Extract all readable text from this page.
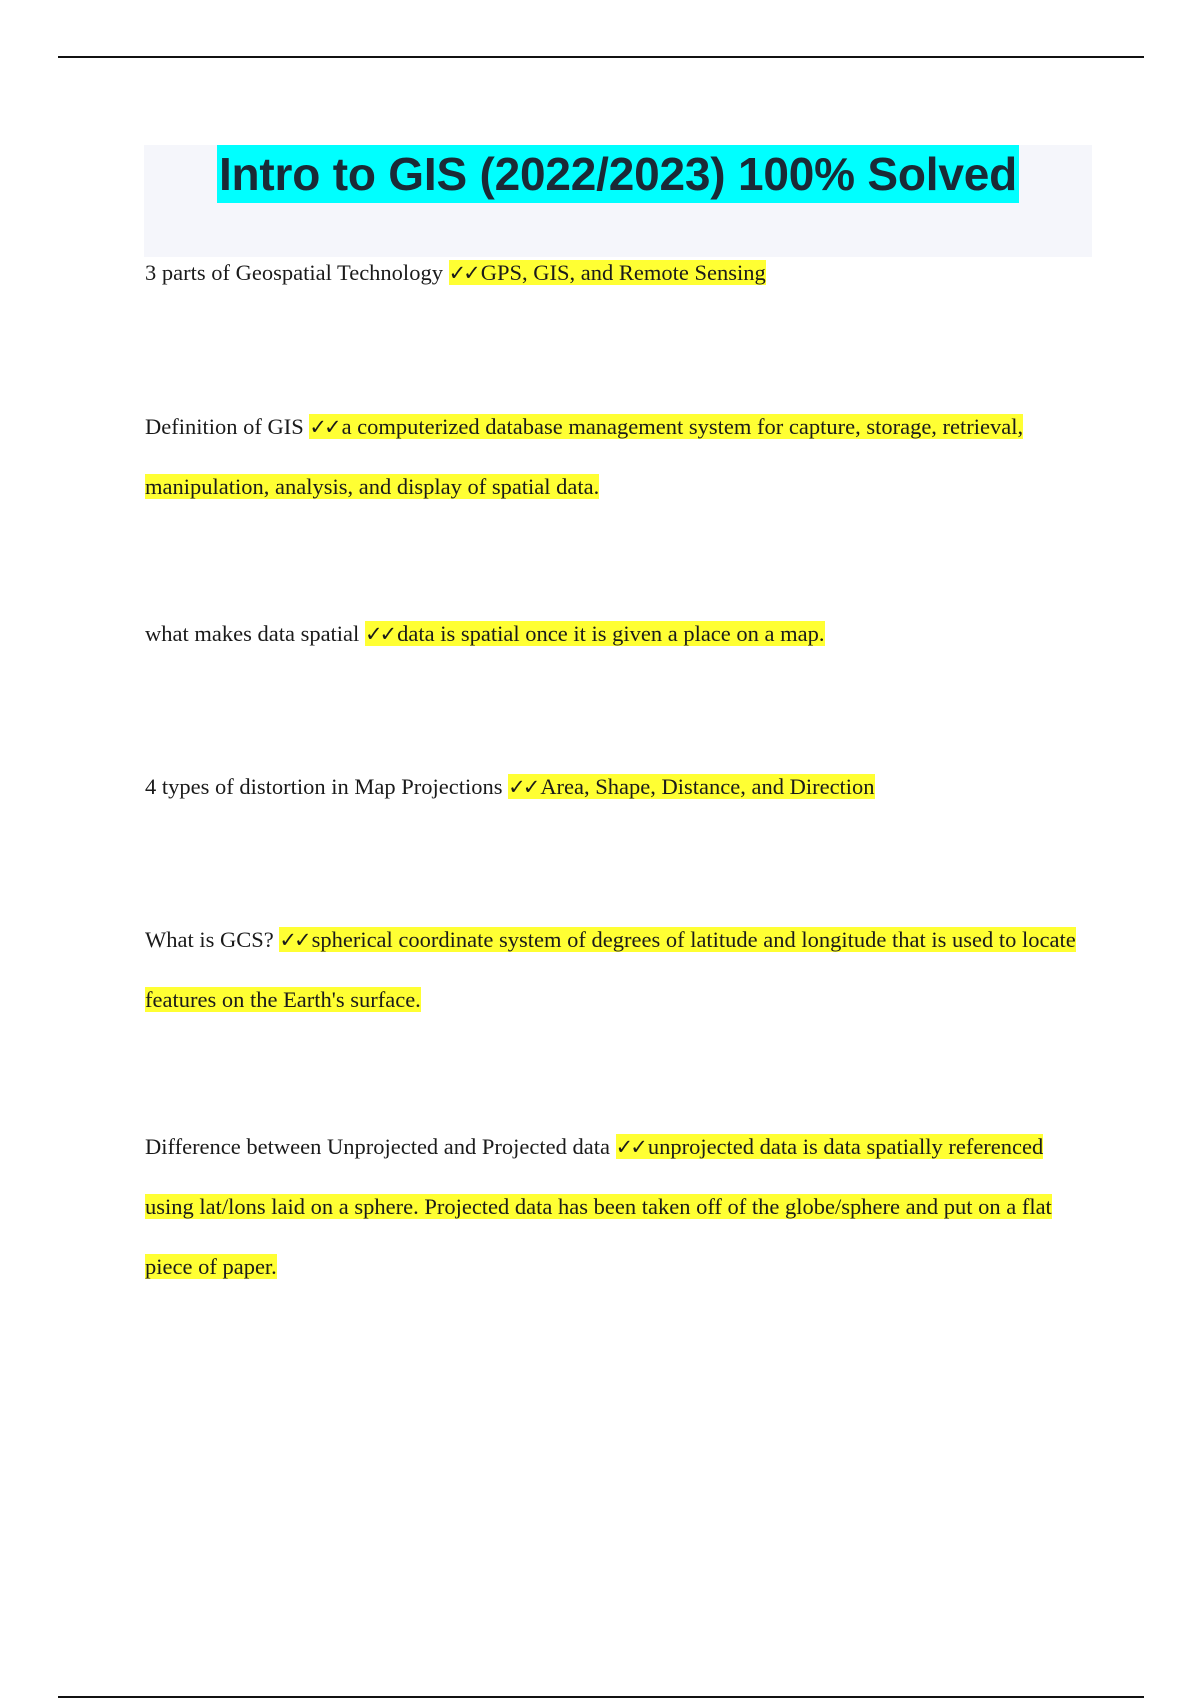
Intro to GIS (2022/2023) 100% Solved
3 parts of Geospatial Technology ✓✓ GPS, GIS, and Remote Sensing
Definition of GIS ✓✓ a computerized database management system for capture, storage, retrieval, manipulation, analysis, and display of spatial data.
what makes data spatial ✓✓ data is spatial once it is given a place on a map.
4 types of distortion in Map Projections ✓✓ Area, Shape, Distance, and Direction
What is GCS? ✓✓ spherical coordinate system of degrees of latitude and longitude that is used to locate features on the Earth's surface.
Difference between Unprojected and Projected data ✓✓ unprojected data is data spatially referenced using lat/lons laid on a sphere. Projected data has been taken off of the globe/sphere and put on a flat piece of paper.
